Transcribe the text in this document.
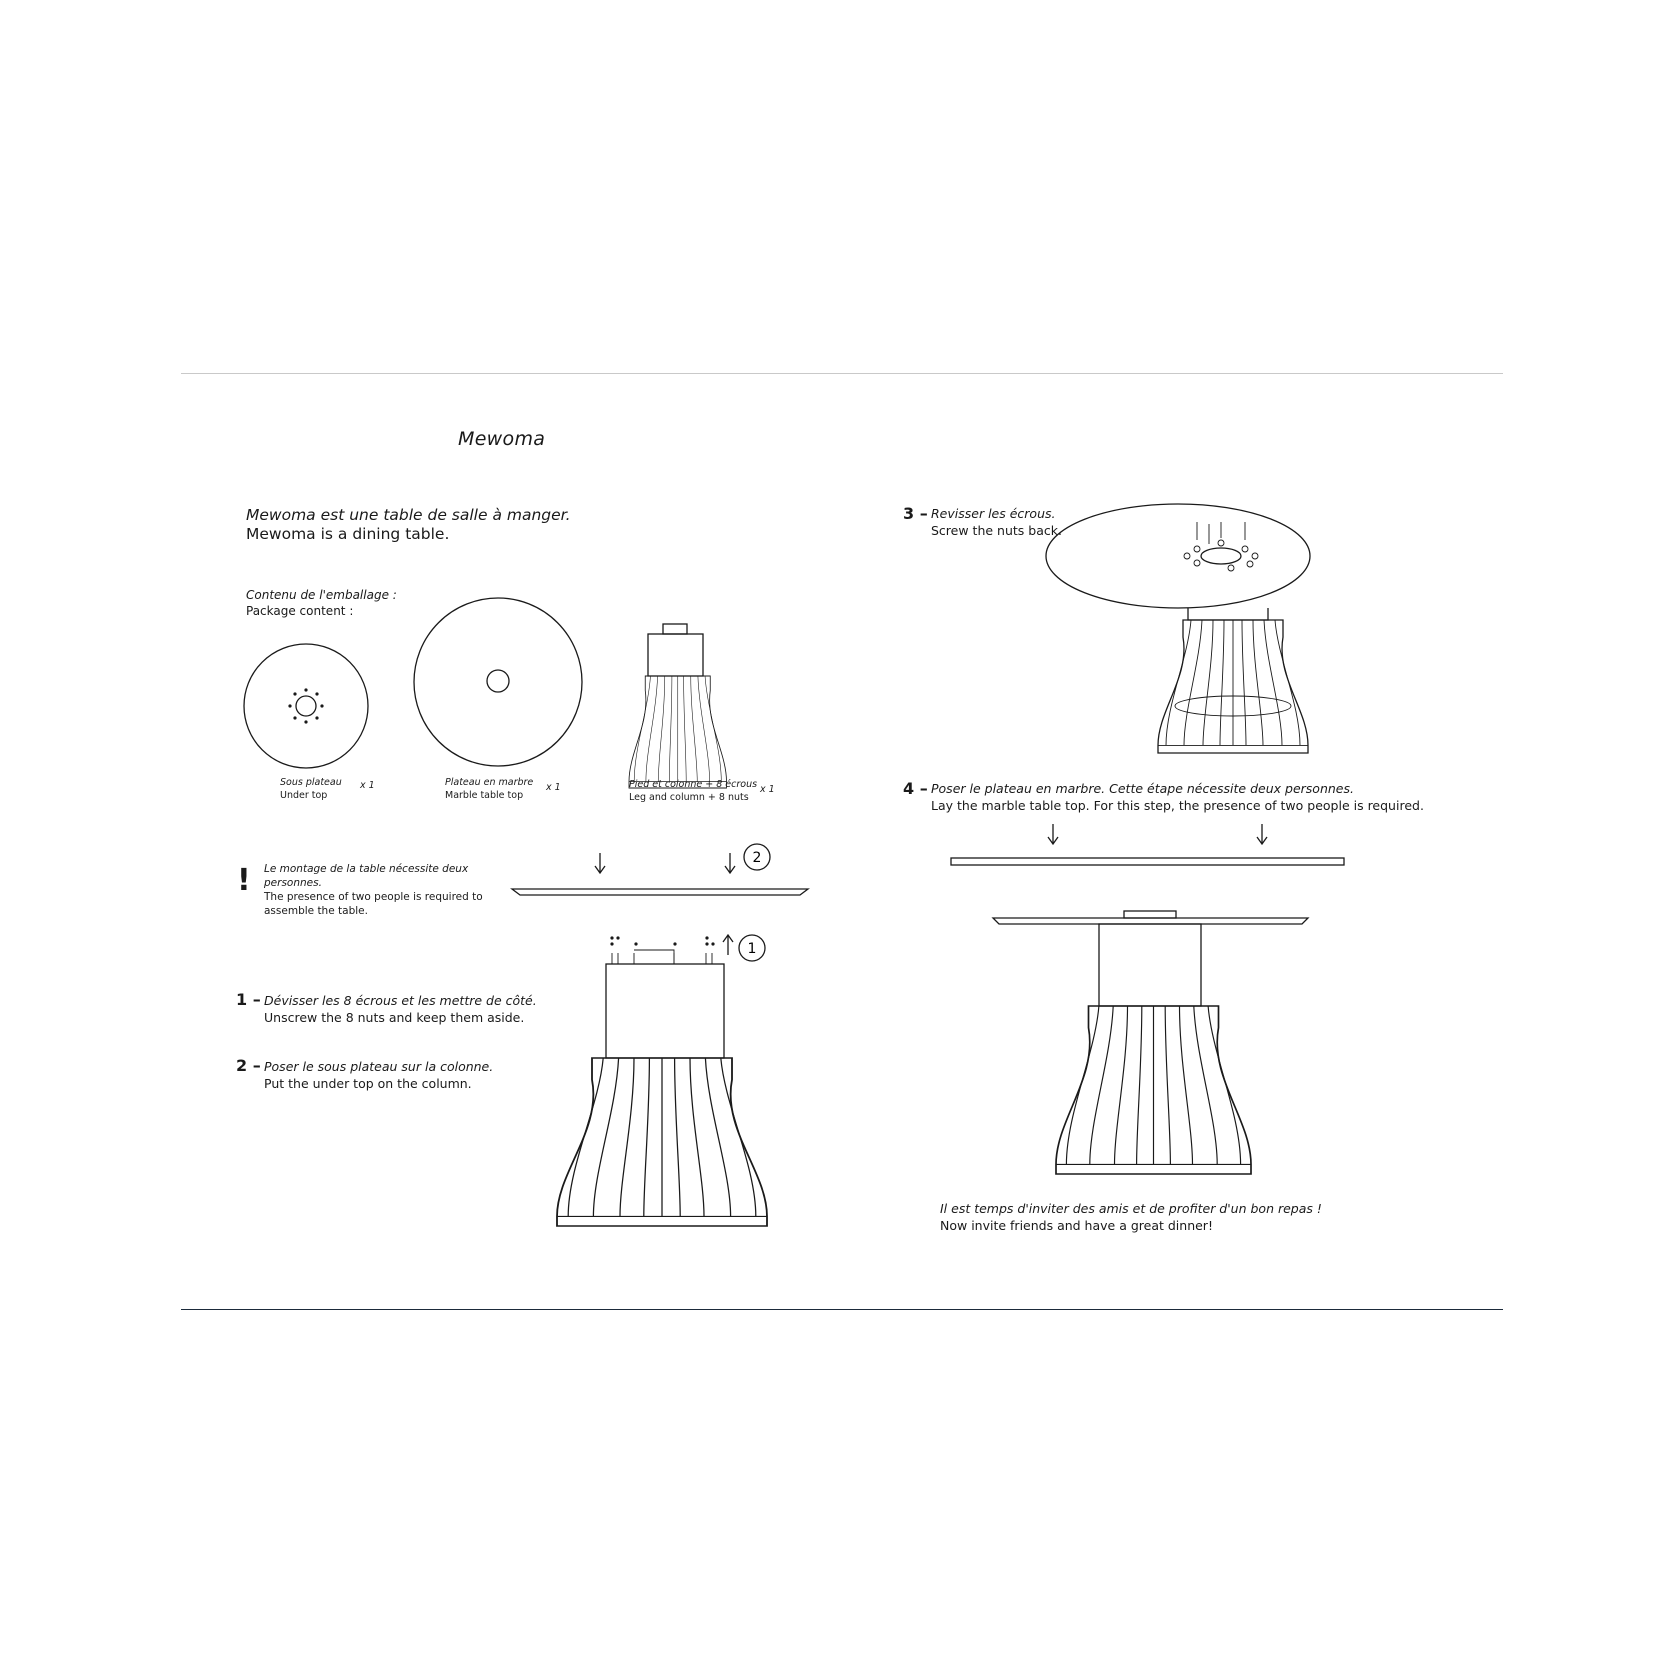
Mewoma
Mewoma est une table de salle à manger.
Mewoma is a dining table.
Contenu de l'emballage :
Package content :
Sous plateau
Under top
x 1	Plateau en marbre
Marble table top
x 1	Pied et colonne + 8 écrous
Leg and column + 8 nuts
x 1
! Le montage de la table nécessite deux personnes.
The presence of two people is required to assemble the table.
1 – Dévisser les 8 écrous et les mettre de côté.
Unscrew the 8 nuts and keep them aside.
2 – Poser le sous plateau sur la colonne.
Put the under top on the column.
3 – Revisser les écrous.
Screw the nuts back.
4 – Poser le plateau en marbre. Cette étape nécessite deux personnes.
Lay the marble table top. For this step, the presence of two people is required.
Il est temps d'inviter des amis et de profiter d'un bon repas !
Now invite friends and have a great dinner!
2
1
